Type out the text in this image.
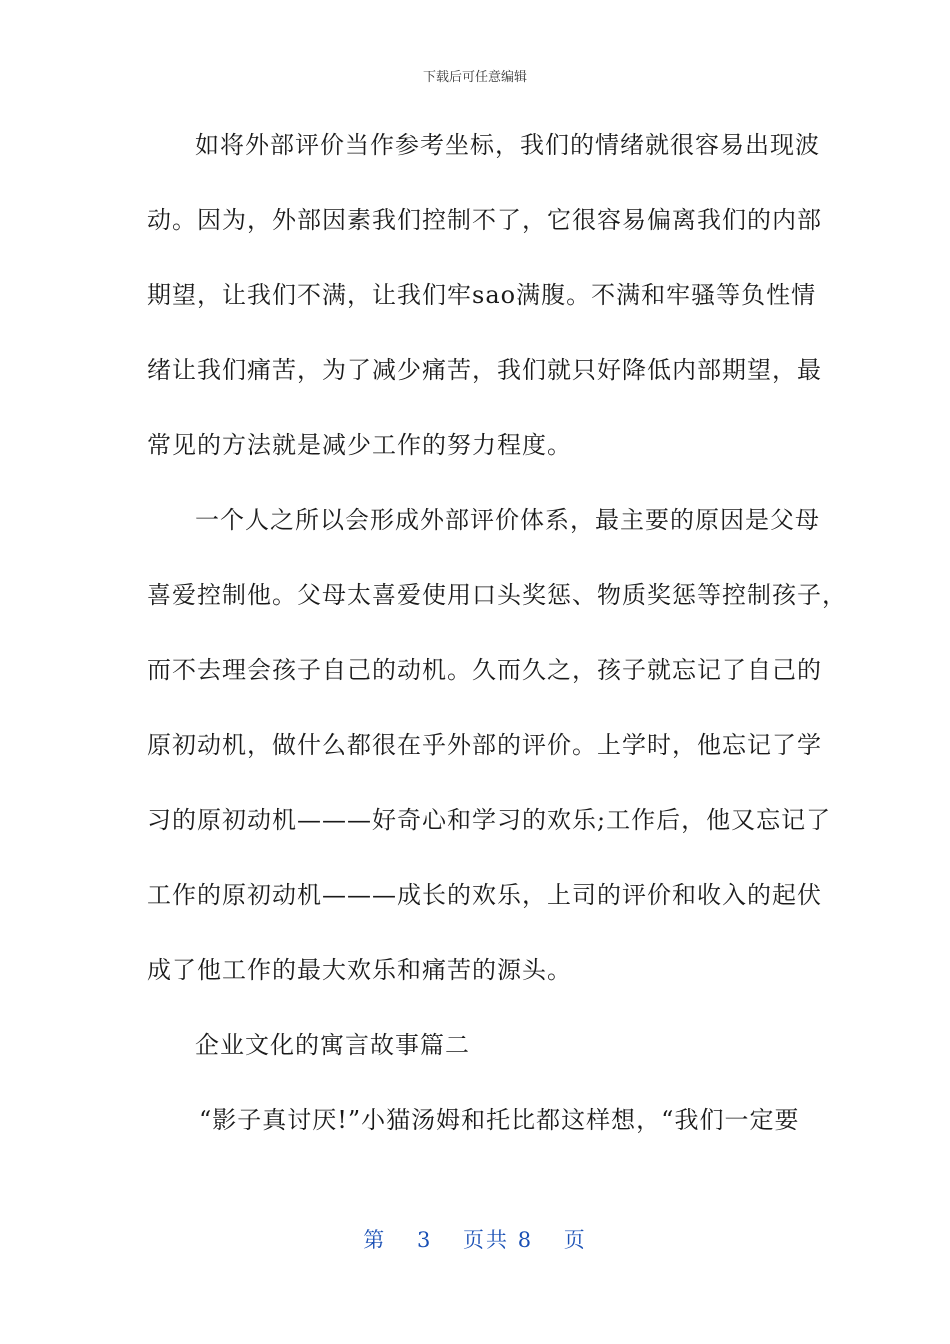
下载后可任意编辑
如将外部评价当作参考坐标，我们的情绪就很容易出现波
动。因为，外部因素我们控制不了，它很容易偏离我们的内部
期望，让我们不满，让我们牢sao满腹。不满和牢骚等负性情
绪让我们痛苦，为了减少痛苦，我们就只好降低内部期望，最
常见的方法就是减少工作的努力程度。
一个人之所以会形成外部评价体系，最主要的原因是父母
喜爱控制他。父母太喜爱使用口头奖惩、物质奖惩等控制孩子，
而不去理会孩子自己的动机。久而久之，孩子就忘记了自己的
原初动机，做什么都很在乎外部的评价。上学时，他忘记了学
习的原初动机———好奇心和学习的欢乐;工作后，他又忘记了
工作的原初动机———成长的欢乐，上司的评价和收入的起伏
成了他工作的最大欢乐和痛苦的源头。
企业文化的寓言故事篇二
“影子真讨厌!”小猫汤姆和托比都这样想，“我们一定要
第 3 页共 8 页
